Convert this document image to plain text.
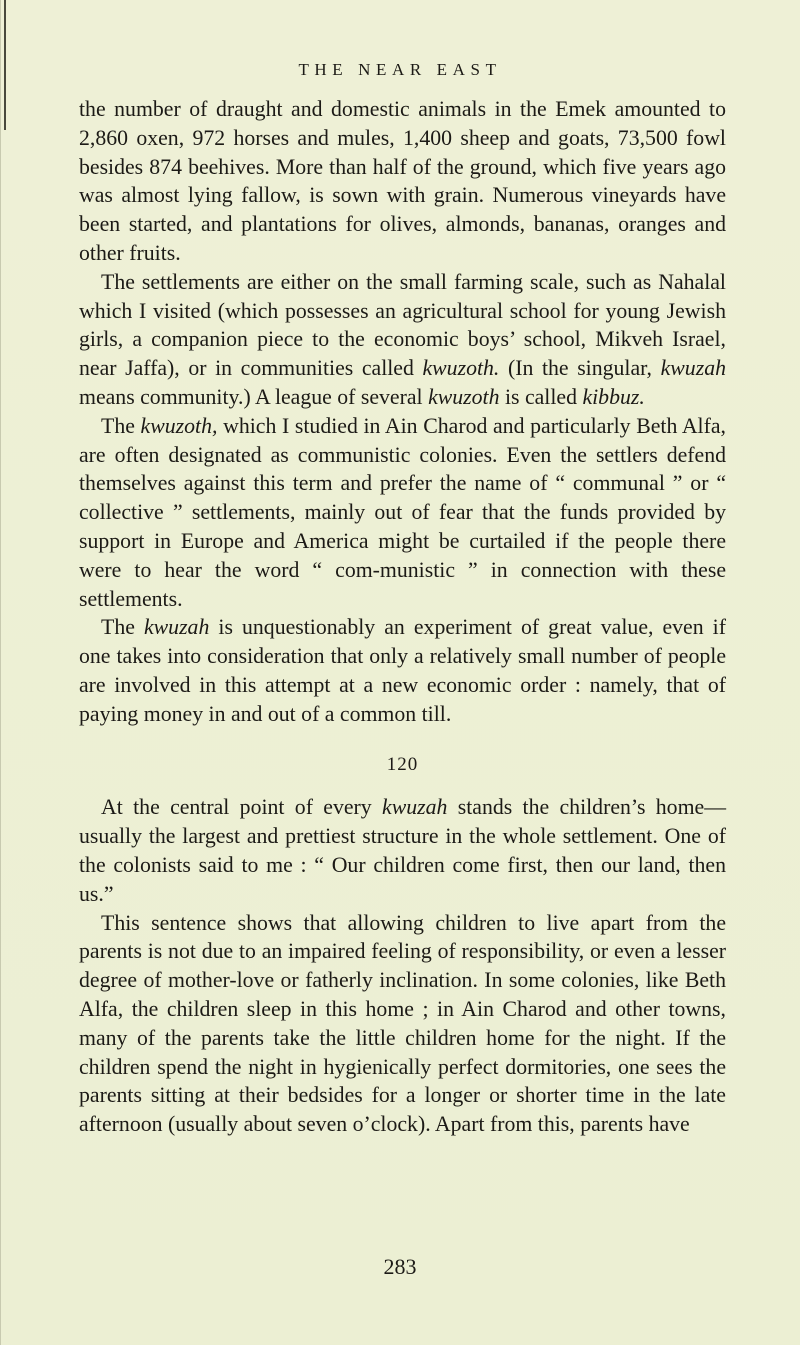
THE NEAR EAST

the number of draught and domestic animals in the Emek amounted to 2,860 oxen, 972 horses and mules, 1,400 sheep and goats, 73,500 fowl besides 874 beehives. More than half of the ground, which five years ago was almost lying fallow, is sown with grain. Numerous vineyards have been started, and plantations for olives, almonds, bananas, oranges and other fruits.

The settlements are either on the small farming scale, such as Nahalal which I visited (which possesses an agricultural school for young Jewish girls, a companion piece to the economic boys’ school, Mikveh Israel, near Jaffa), or in communities called kwuzoth. (In the singular, kwuzah means community.) A league of several kwuzoth is called kibbuz.

The kwuzoth, which I studied in Ain Charod and particularly Beth Alfa, are often designated as communistic colonies. Even the settlers defend themselves against this term and prefer the name of “ communal ” or “ collective ” settlements, mainly out of fear that the funds provided by support in Europe and America might be curtailed if the people there were to hear the word “ com-munistic ” in connection with these settlements.

The kwuzah is unquestionably an experiment of great value, even if one takes into consideration that only a relatively small number of people are involved in this attempt at a new economic order : namely, that of paying money in and out of a common till.

120

At the central point of every kwuzah stands the children’s home—usually the largest and prettiest structure in the whole settlement. One of the colonists said to me : “ Our children come first, then our land, then us.”

This sentence shows that allowing children to live apart from the parents is not due to an impaired feeling of responsibility, or even a lesser degree of mother-love or fatherly inclination. In some colonies, like Beth Alfa, the children sleep in this home ; in Ain Charod and other towns, many of the parents take the little children home for the night. If the children spend the night in hygienically perfect dormitories, one sees the parents sitting at their bedsides for a longer or shorter time in the late afternoon (usually about seven o’clock). Apart from this, parents have

283
